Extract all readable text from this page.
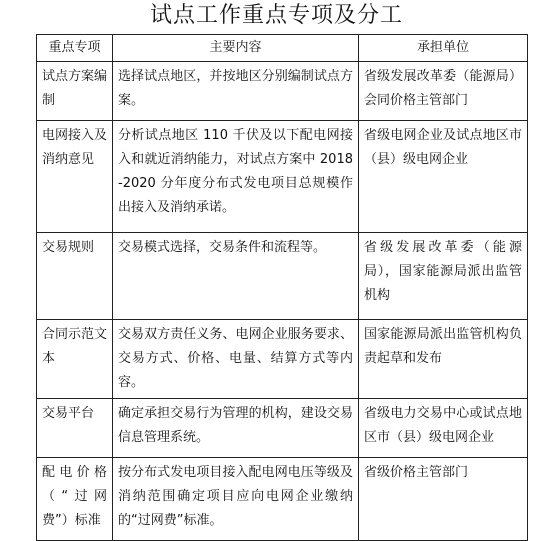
试点工作重点专项及分工
重点专项	主要内容	承担单位
试点方案编制	选择试点地区，并按地区分别编制试点方案。	省级发展改革委（能源局）会同价格主管部门
电网接入及消纳意见	分析试点地区 110 千伏及以下配电网接入和就近消纳能力，对试点方案中 2018-2020 分年度分布式发电项目总规模作出接入及消纳承诺。	省级电网企业及试点地区市（县）级电网企业
交易规则	交易模式选择，交易条件和流程等。	省级发展改革委（能源局），国家能源局派出监管机构
合同示范文本	交易双方责任义务、电网企业服务要求、交易方式、价格、电量、结算方式等内容。	国家能源局派出监管机构负责起草和发布
交易平台	确定承担交易行为管理的机构，建设交易信息管理系统。	省级电力交易中心或试点地区市（县）级电网企业
配电价格（“过网费”）标准	按分布式发电项目接入配电网电压等级及消纳范围确定项目应向电网企业缴纳的“过网费”标准。	省级价格主管部门
